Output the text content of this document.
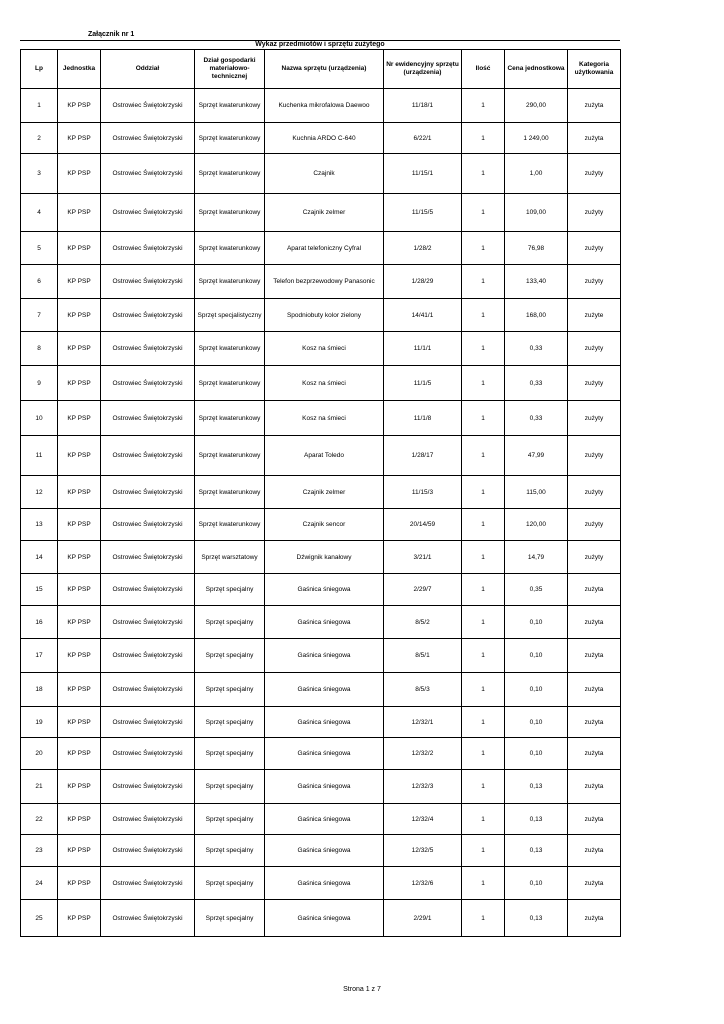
Załącznik nr 1
Wykaz przedmiotów i sprzętu zużytego
Lp	Jednostka	Oddział	Dział gospodarki materiałowo-technicznej	Nazwa sprzętu (urządzenia)	Nr ewidencyjny sprzętu (urządzenia)	Ilość	Cena jednostkowa	Kategoria użytkowania
1	KP PSP	Ostrowiec Świętokrzyski	Sprzęt kwaterunkowy	Kuchenka mikrofalowa Daewoo	11/18/1	1	290,00	zużyta
2	KP PSP	Ostrowiec Świętokrzyski	Sprzęt kwaterunkowy	Kuchnia ARDO C-640	6/22/1	1	1 249,00	zużyta
3	KP PSP	Ostrowiec Świętokrzyski	Sprzęt kwaterunkowy	Czajnik	11/15/1	1	1,00	zużyty
4	KP PSP	Ostrowiec Świętokrzyski	Sprzęt kwaterunkowy	Czajnik zelmer	11/15/5	1	109,00	zużyty
5	KP PSP	Ostrowiec Świętokrzyski	Sprzęt kwaterunkowy	Aparat telefoniczny Cyfral	1/28/2	1	76,98	zużyty
6	KP PSP	Ostrowiec Świętokrzyski	Sprzęt kwaterunkowy	Telefon bezprzewodowy Panasonic	1/28/29	1	133,40	zużyty
7	KP PSP	Ostrowiec Świętokrzyski	Sprzęt specjalistyczny	Spodniobuty kolor zielony	14/41/1	1	168,00	zużyte
8	KP PSP	Ostrowiec Świętokrzyski	Sprzęt kwaterunkowy	Kosz na śmieci	11/1/1	1	0,33	zużyty
9	KP PSP	Ostrowiec Świętokrzyski	Sprzęt kwaterunkowy	Kosz na śmieci	11/1/5	1	0,33	zużyty
10	KP PSP	Ostrowiec Świętokrzyski	Sprzęt kwaterunkowy	Kosz na śmieci	11/1/8	1	0,33	zużyty
11	KP PSP	Ostrowiec Świętokrzyski	Sprzęt kwaterunkowy	Aparat Toledo	1/28/17	1	47,99	zużyty
12	KP PSP	Ostrowiec Świętokrzyski	Sprzęt kwaterunkowy	Czajnik zelmer	11/15/3	1	115,00	zużyty
13	KP PSP	Ostrowiec Świętokrzyski	Sprzęt kwaterunkowy	Czajnik sencor	20/14/59	1	120,00	zużyty
14	KP PSP	Ostrowiec Świętokrzyski	Sprzęt warsztatowy	Dźwignik kanałowy	3/21/1	1	14,79	zużyty
15	KP PSP	Ostrowiec Świętokrzyski	Sprzęt specjalny	Gaśnica śniegowa	2/29/7	1	0,35	zużyta
16	KP PSP	Ostrowiec Świętokrzyski	Sprzęt specjalny	Gaśnica śniegowa	8/5/2	1	0,10	zużyta
17	KP PSP	Ostrowiec Świętokrzyski	Sprzęt specjalny	Gaśnica śniegowa	8/5/1	1	0,10	zużyta
18	KP PSP	Ostrowiec Świętokrzyski	Sprzęt specjalny	Gaśnica śniegowa	8/5/3	1	0,10	zużyta
19	KP PSP	Ostrowiec Świętokrzyski	Sprzęt specjalny	Gaśnica śniegowa	12/32/1	1	0,10	zużyta
20	KP PSP	Ostrowiec Świętokrzyski	Sprzęt specjalny	Gaśnica śniegowa	12/32/2	1	0,10	zużyta
21	KP PSP	Ostrowiec Świętokrzyski	Sprzęt specjalny	Gaśnica śniegowa	12/32/3	1	0,13	zużyta
22	KP PSP	Ostrowiec Świętokrzyski	Sprzęt specjalny	Gaśnica śniegowa	12/32/4	1	0,13	zużyta
23	KP PSP	Ostrowiec Świętokrzyski	Sprzęt specjalny	Gaśnica śniegowa	12/32/5	1	0,13	zużyta
24	KP PSP	Ostrowiec Świętokrzyski	Sprzęt specjalny	Gaśnica śniegowa	12/32/6	1	0,10	zużyta
25	KP PSP	Ostrowiec Świętokrzyski	Sprzęt specjalny	Gaśnica śniegowa	2/29/1	1	0,13	zużyta
Strona 1 z 7
